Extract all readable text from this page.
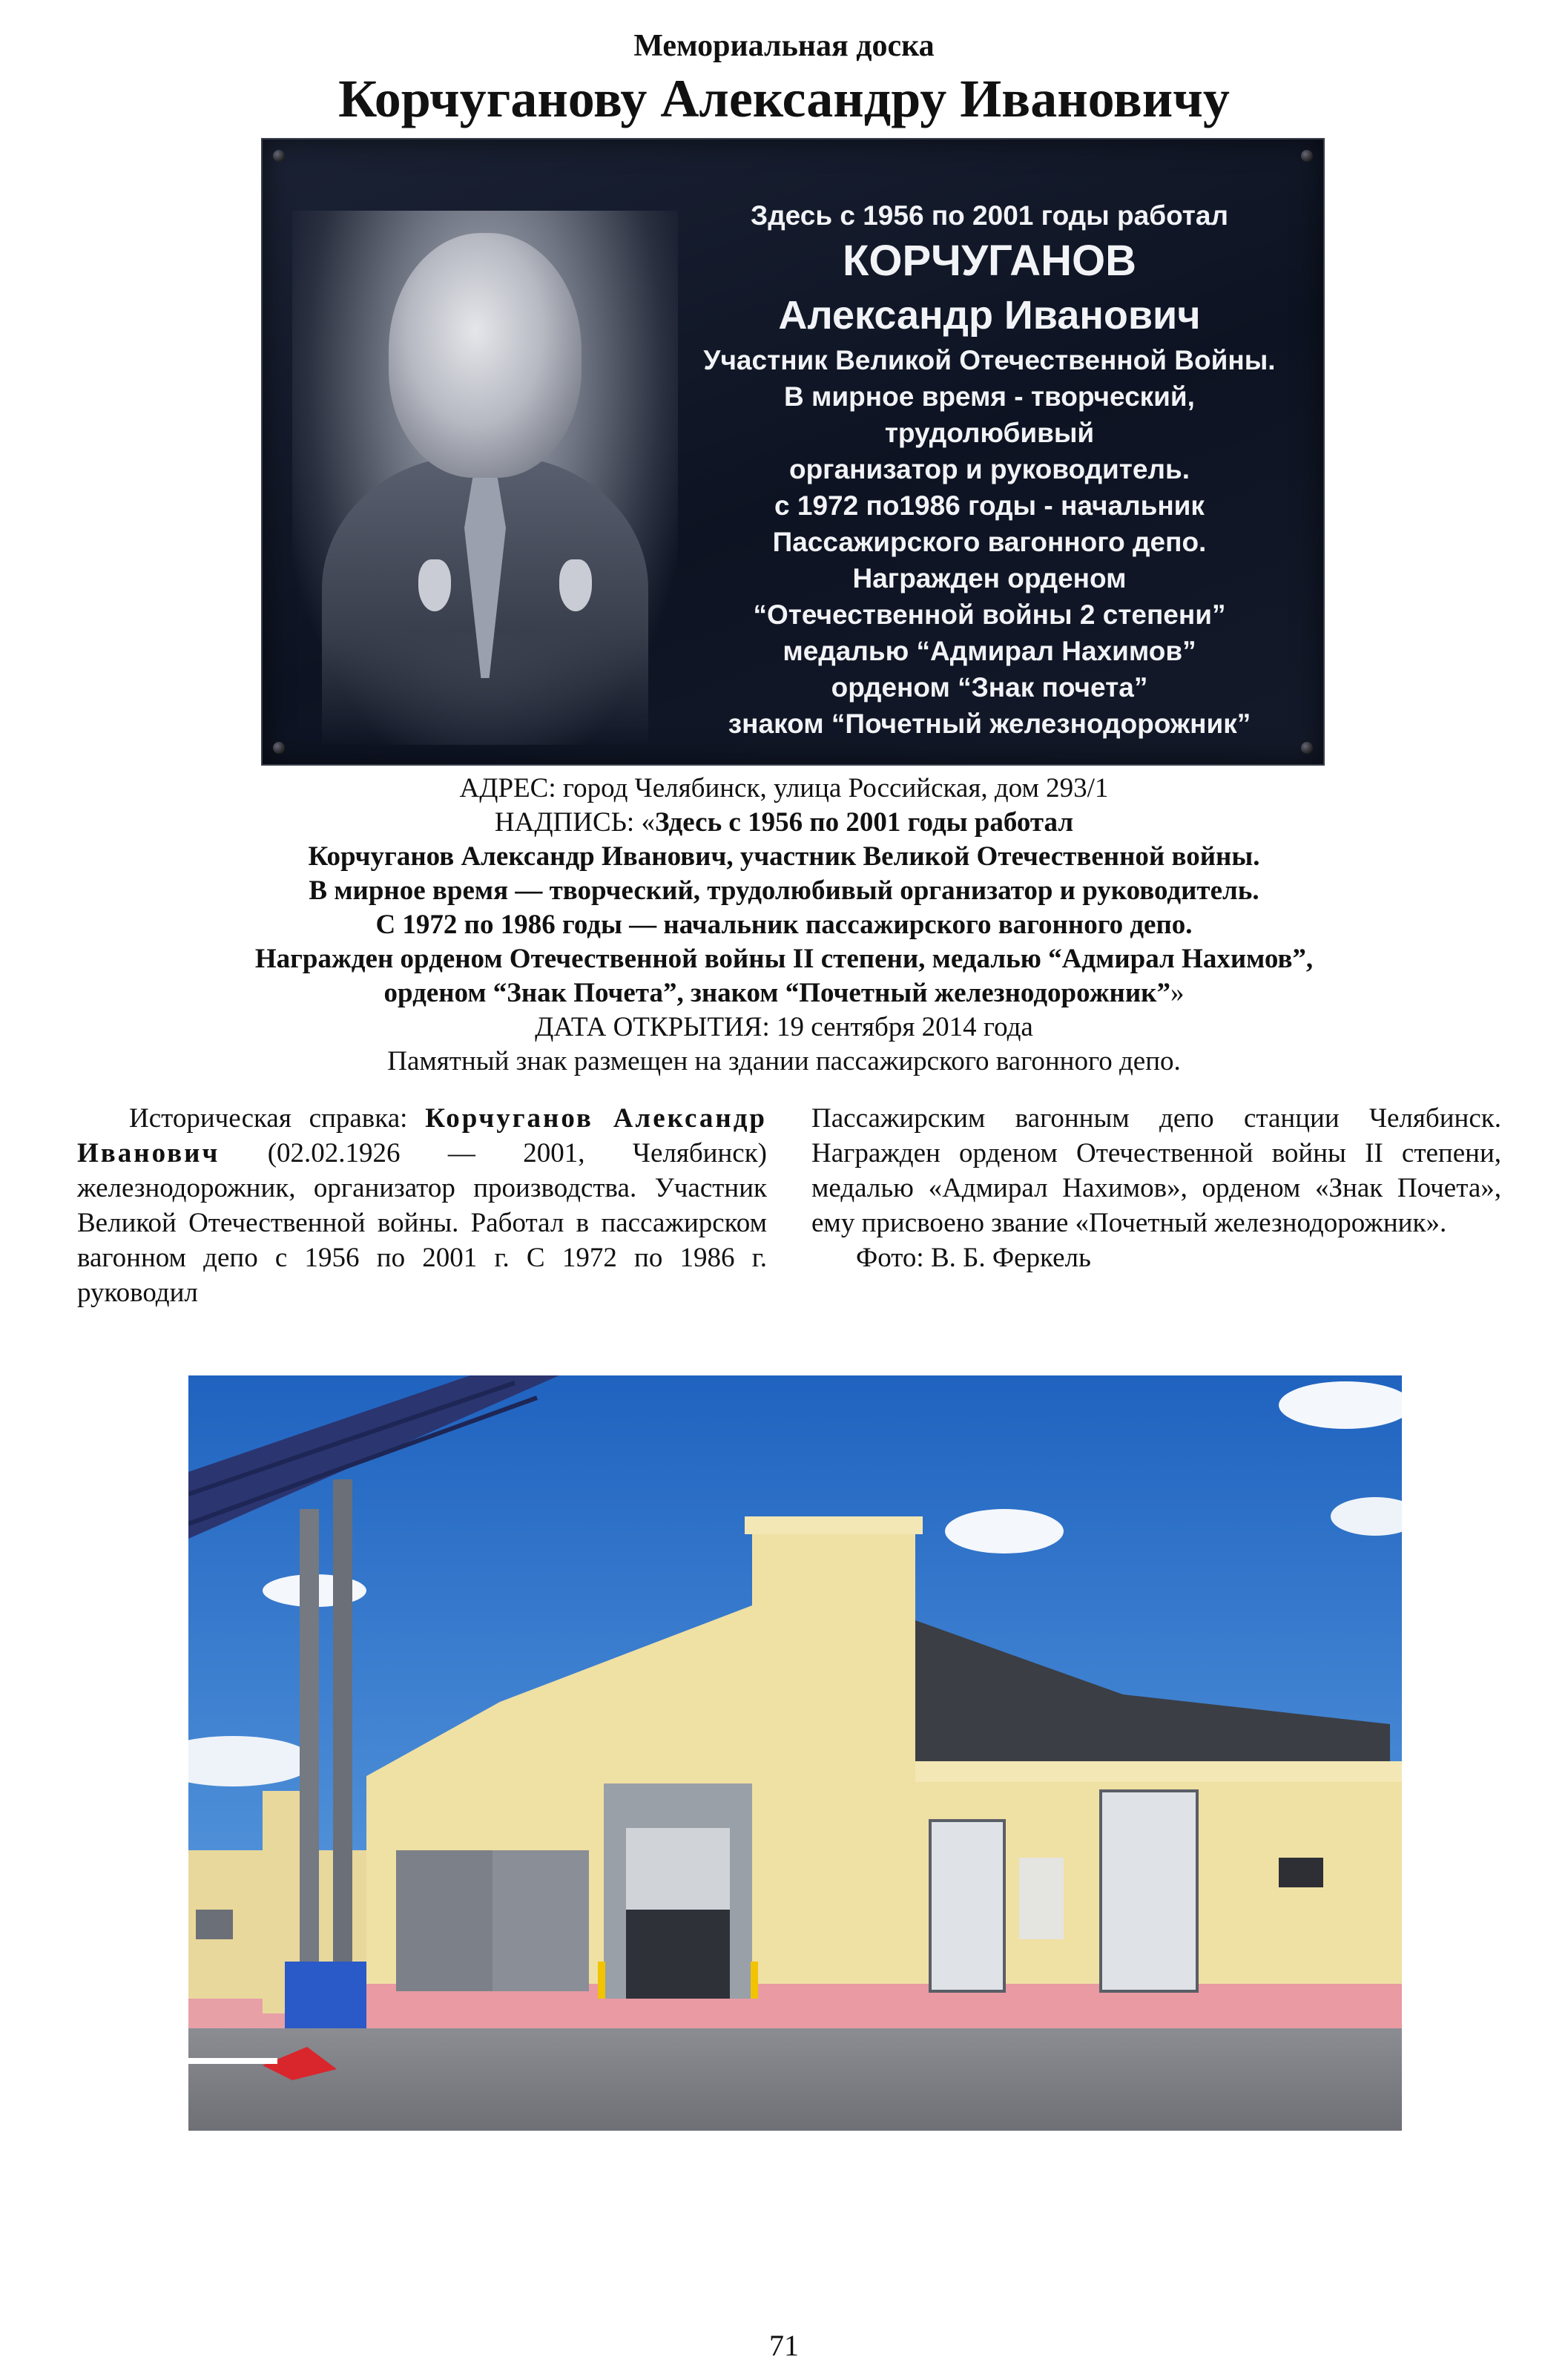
Мемориальная доска
Корчуганову Александру Ивановичу
Здесь с 1956 по 2001 годы работал
КОРЧУГАНОВ
Александр Иванович
Участник Великой Отечественной Войны.
В мирное время - творческий, трудолюбивый
организатор и руководитель.
с 1972 по1986 годы - начальник
Пассажирского вагонного депо.
Награжден орденом
“Отечественной войны 2 степени”
медалью “Адмирал Нахимов”
орденом “Знак почета”
знаком “Почетный железнодорожник”
АДРЕС: город Челябинск, улица Российская, дом 293/1
НАДПИСЬ: «Здесь с 1956 по 2001 годы работал
Корчуганов Александр Иванович, участник Великой Отечественной войны.
В мирное время — творческий, трудолюбивый организатор и руководитель.
С 1972 по 1986 годы — начальник пассажирского вагонного депо.
Награжден орденом Отечественной войны II степени, медалью “Адмирал Нахимов”,
орденом “Знак Почета”, знаком “Почетный железнодорожник”»
ДАТА ОТКРЫТИЯ: 19 сентября 2014 года
Памятный знак размещен на здании пассажирского вагонного депо.

Историческая справка: Корчуганов Александр Иванович (02.02.1926 — 2001, Челябинск) железнодорожник, организатор производства. Участник Великой Отечественной войны. Работал в пассажирском вагонном депо с 1956 по 2001 г. С 1972 по 1986 г. руководил

Пассажирским вагонным депо станции Челябинск. Награжден орденом Отечественной войны II степени, медалью «Адмирал Нахимов», орденом «Знак Почета», ему присвоено звание «Почетный железнодорожник».

Фото: В. Б. Феркель

71
